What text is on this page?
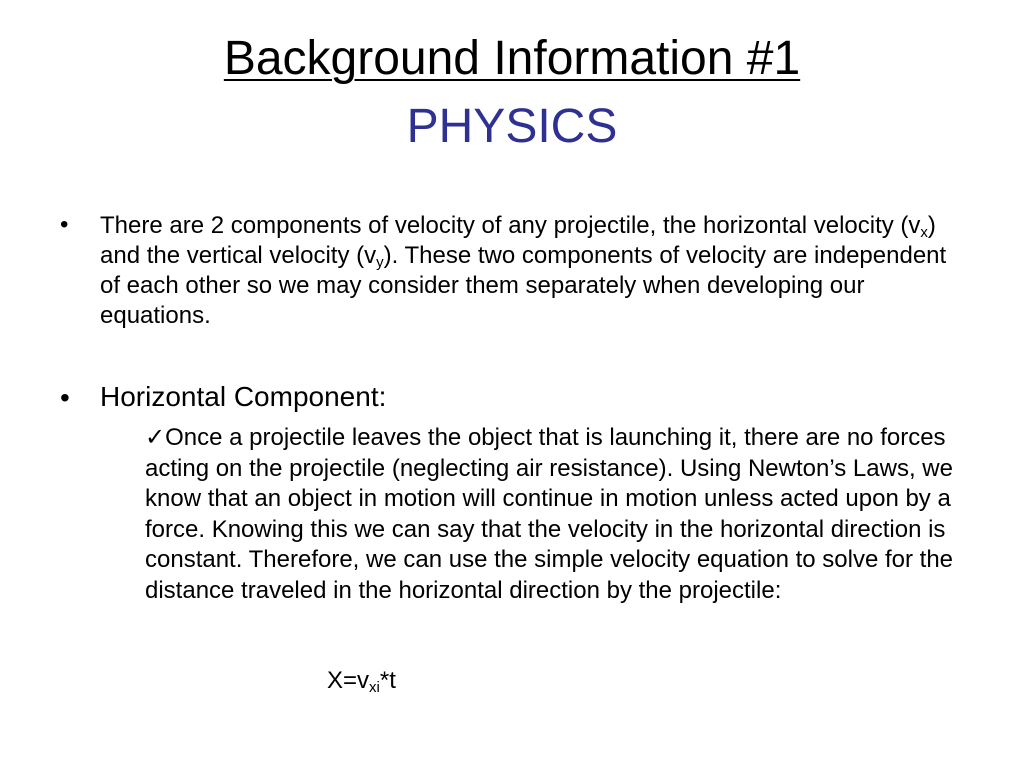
Background Information #1
PHYSICS
• There are 2 components of velocity of any projectile, the horizontal velocity $(v_x)$ and the vertical velocity $(v_y)$. These two components of velocity are independent of each other so we may consider them separately when developing our equations.
• Horizontal Component:
✓Once a projectile leaves the object that is launching it, there are no forces acting on the projectile (neglecting air resistance). Using Newton’s Laws, we know that an object in motion will continue in motion unless acted upon by a force. Knowing this we can say that the velocity in the horizontal direction is constant. Therefore, we can use the simple velocity equation to solve for the distance traveled in the horizontal direction by the projectile:
$X=v_{xi}*t$
